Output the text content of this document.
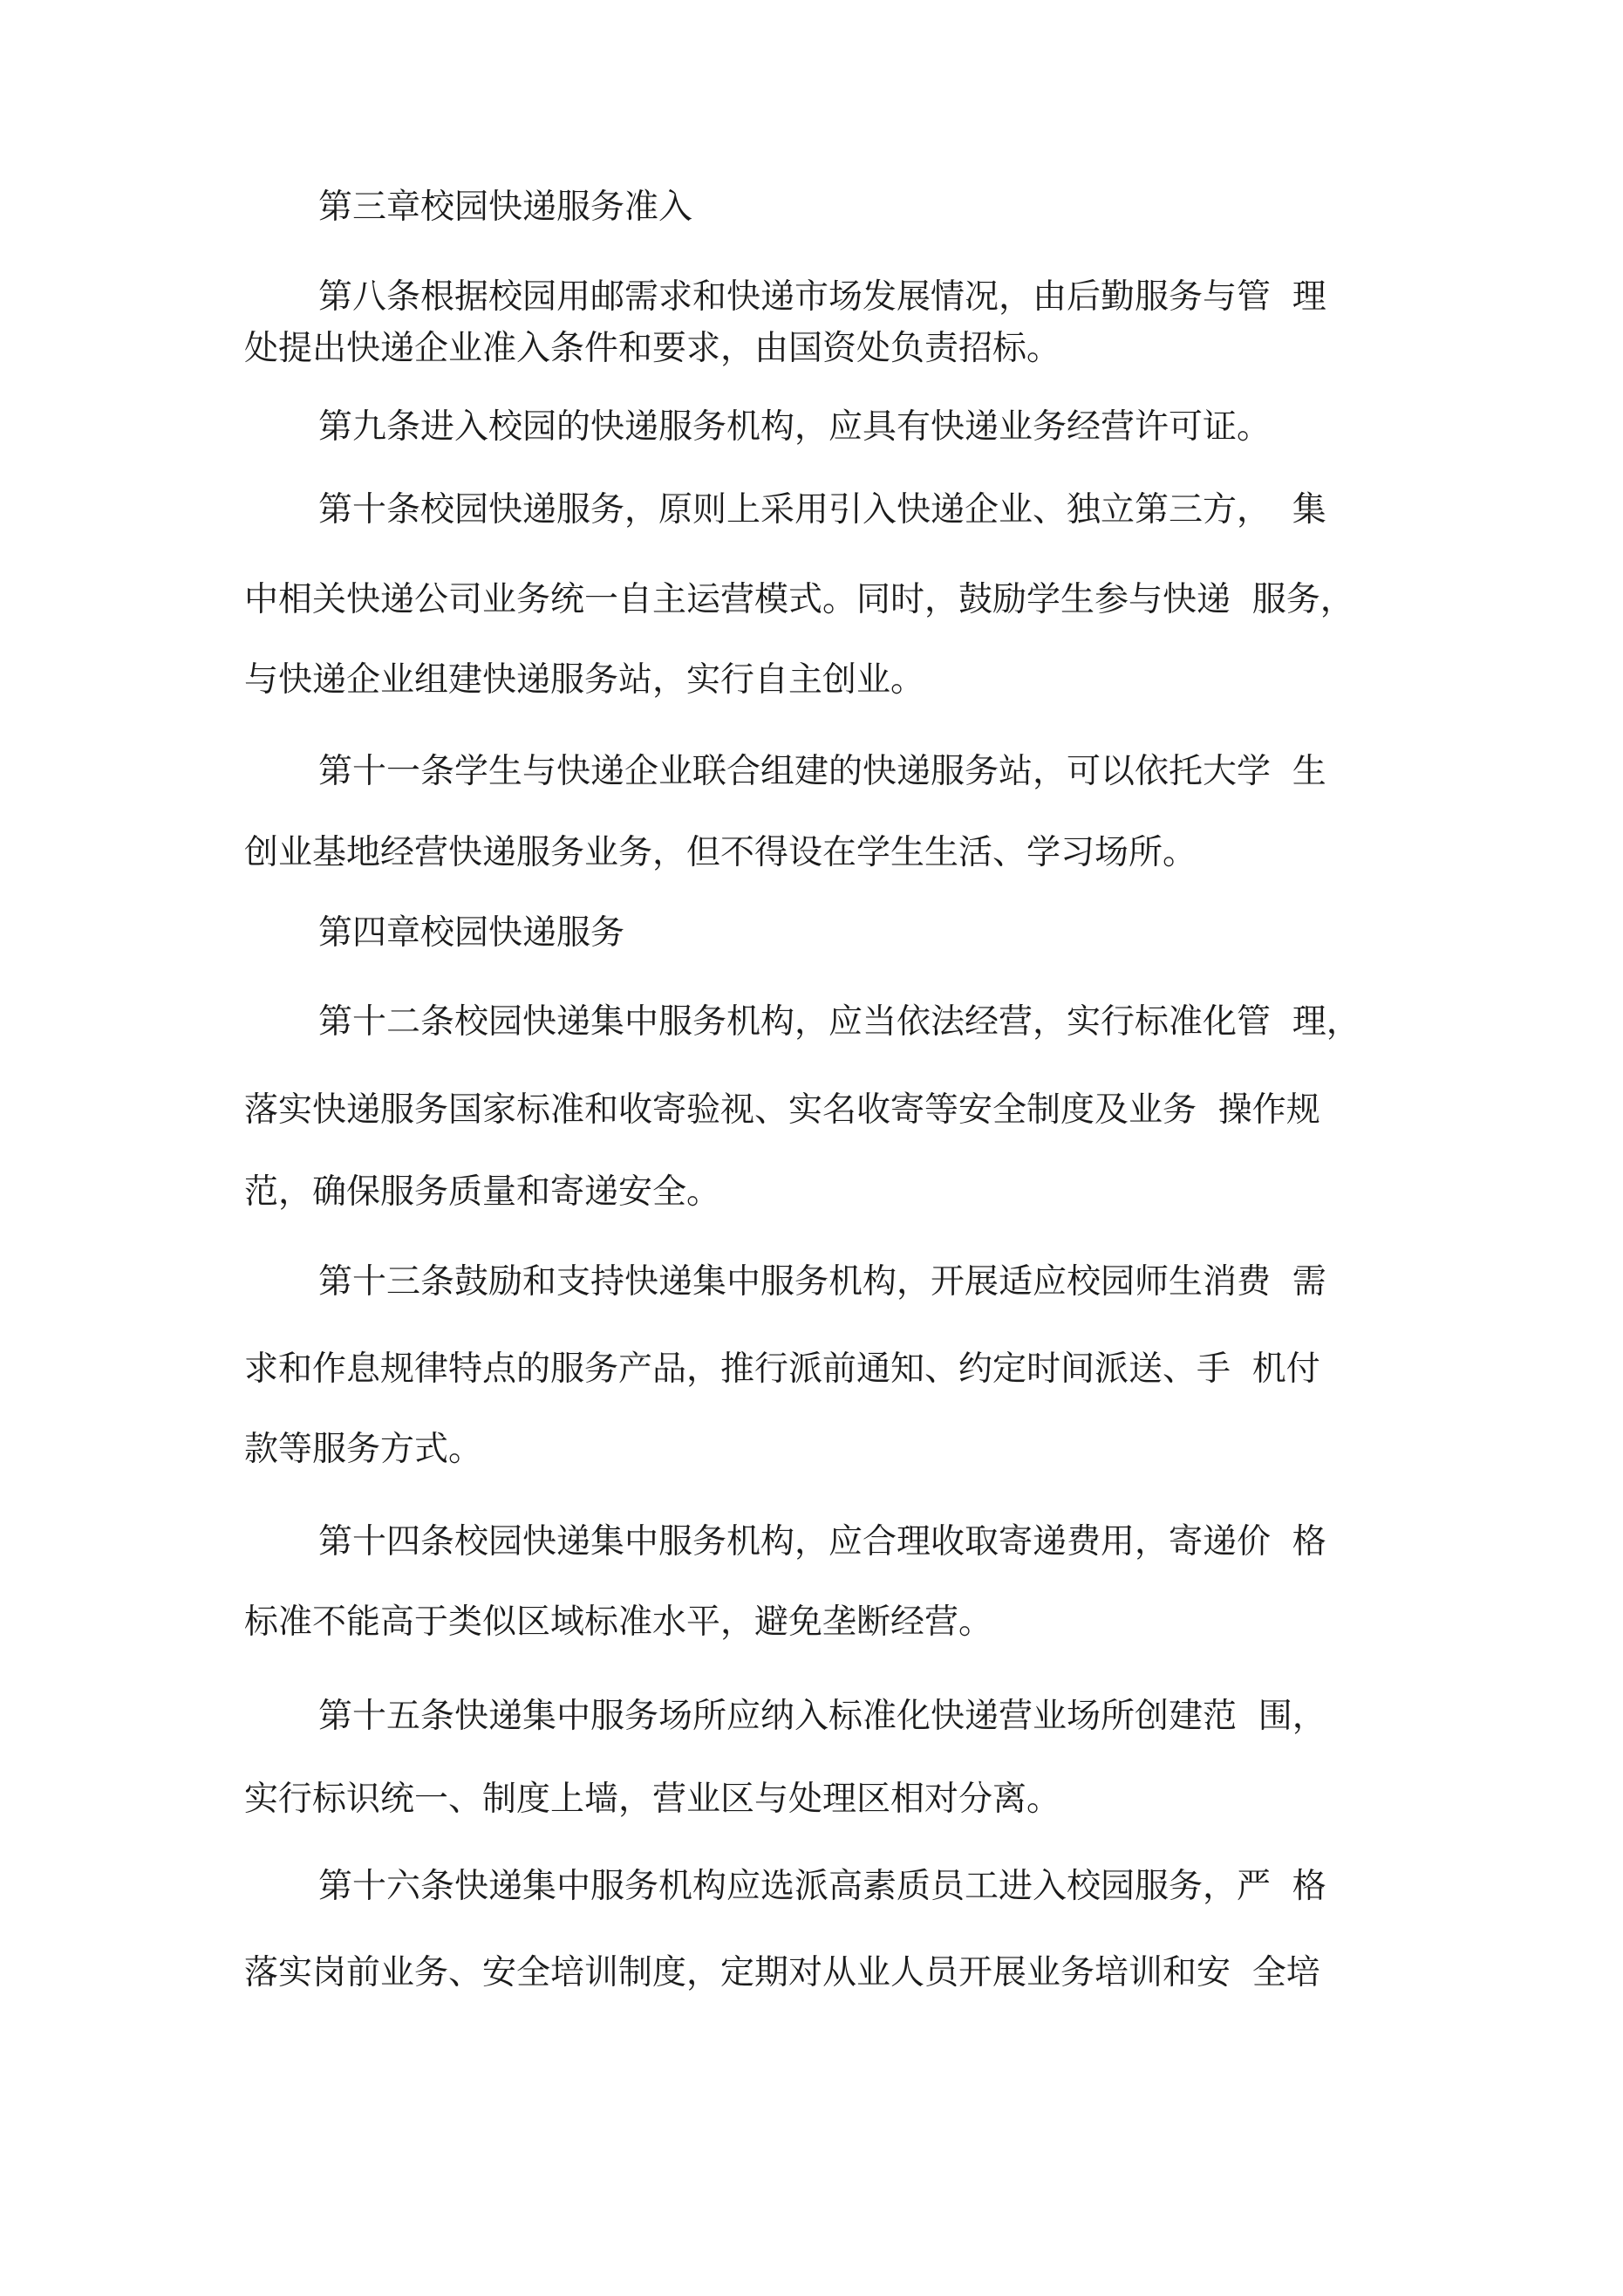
第三章校园快递服务准入
第八条根据校园用邮需求和快递市场发展情况，由后勤服务与管  理
处提出快递企业准入条件和要求，由国资处负责招标。
第九条进入校园的快递服务机构，应具有快递业务经营许可证。
第十条校园快递服务，原则上采用引入快递企业、独立第三方，  集
中相关快递公司业务统一自主运营模式。同时，鼓励学生参与快递  服务，
与快递企业组建快递服务站，实行自主创业。
第十一条学生与快递企业联合组建的快递服务站，可以依托大学  生
创业基地经营快递服务业务，但不得设在学生生活、学习场所。
第四章校园快递服务
第十二条校园快递集中服务机构，应当依法经营，实行标准化管  理，
落实快递服务国家标准和收寄验视、实名收寄等安全制度及业务  操作规
范，确保服务质量和寄递安全。
第十三条鼓励和支持快递集中服务机构，开展适应校园师生消费  需
求和作息规律特点的服务产品，推行派前通知、约定时间派送、手  机付
款等服务方式。
第十四条校园快递集中服务机构，应合理收取寄递费用，寄递价  格
标准不能高于类似区域标准水平，避免垄断经营。
第十五条快递集中服务场所应纳入标准化快递营业场所创建范  围，
实行标识统一、制度上墙，营业区与处理区相对分离。
第十六条快递集中服务机构应选派高素质员工进入校园服务，严  格
落实岗前业务、安全培训制度，定期对从业人员开展业务培训和安  全培
